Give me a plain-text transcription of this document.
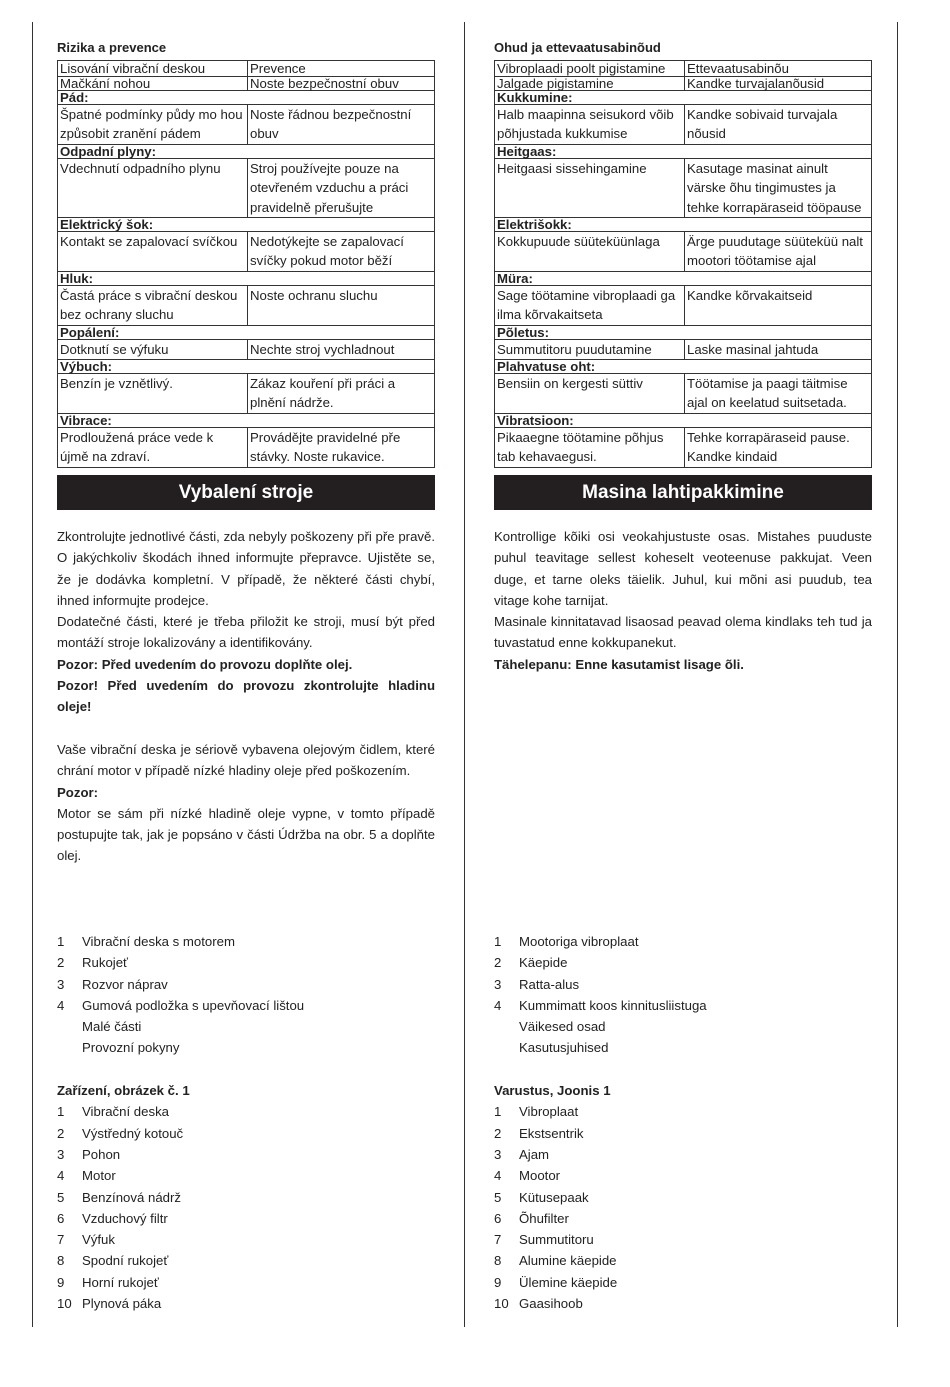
Rizika a prevence
Lisování vibrační deskou	Prevence
Mačkání nohou	Noste bezpečnostní obuv
Pád:	
Špatné podmínky půdy mo hou způsobit zranění pádem	Noste řádnou bezpečnostní obuv
Odpadní plyny:	
Vdechnutí odpadního plynu	Stroj používejte pouze na otevřeném vzduchu a práci pravidelně přerušujte
Elektrický šok:	
Kontakt se zapalovací svíčkou	Nedotýkejte se zapalovací svíčky pokud motor běží
Hluk:	
Častá práce s vibrační deskou bez ochrany sluchu	Noste ochranu sluchu
Popálení:	
Dotknutí se výfuku	Nechte stroj vychladnout
Výbuch:	
Benzín je vznětlivý.	Zákaz kouření při práci a plnění nádrže.
Vibrace:	
Prodloužená práce vede k újmě na zdraví.	Provádějte pravidelné pře stávky. Noste rukavice.
Vybalení stroje

Zkontrolujte jednotlivé části, zda nebyly poškozeny při pře pravě. O jakýchkoliv škodách ihned informujte přepravce. Ujistěte se, že je dodávka kompletní. V případě, že některé části chybí, ihned informujte prodejce.

Dodatečné části, které je třeba přiložit ke stroji, musí být před montáží stroje lokalizovány a identifikovány.

Pozor: Před uvedením do provozu doplňte olej.

Pozor! Před uvedením do provozu zkontrolujte hladinu oleje!

Vaše vibrační deska je sériově vybavena olejovým čidlem, které chrání motor v případě nízké hladiny oleje před poškozením.

Pozor:

Motor se sám při nízké hladině oleje vypne, v tomto případě postupujte tak, jak je popsáno v části Údržba na obr. 5 a doplňte olej.

1	Vibrační deska s motorem
2	Rukojeť
3	Rozvor náprav
4	Gumová podložka s upevňovací lištou
Malé části
Provozní pokyny
Zařízení, obrázek č. 1
1	Vibrační deska
2	Výstředný kotouč
3	Pohon
4	Motor
5	Benzínová nádrž
6	Vzduchový filtr
7	Výfuk
8	Spodní rukojeť
9	Horní rukojeť
10 Plynová páka
Ohud ja ettevaatusabinõud
Vibroplaadi poolt pigistamine	Ettevaatusabinõu
Jalgade pigistamine	Kandke turvajalanõusid
Kukkumine:	
Halb maapinna seisukord võib põhjustada kukkumise	Kandke sobivaid turvajala nõusid
Heitgaas:	
Heitgaasi sissehingamine	Kasutage masinat ainult värske õhu tingimustes ja tehke korrapäraseid tööpause
Elektrišokk:	
Kokkupuude süüteküünlaga	Ärge puudutage süüteküü nalt mootori töötamise ajal
Müra:	
Sage töötamine vibroplaadi ga ilma kõrvakaitseta	Kandke kõrvakaitseid
Põletus:	
Summutitoru puudutamine	Laske masinal jahtuda
Plahvatuse oht:	
Bensiin on kergesti süttiv	Töötamise ja paagi täitmise ajal on keelatud suitsetada.
Vibratsioon:	
Pikaaegne töötamine põhjus tab kehavaegusi.	Tehke korrapäraseid pause. Kandke kindaid
Masina lahtipakkimine

Kontrollige kõiki osi veokahjustuste osas. Mistahes puuduste puhul teavitage sellest koheselt veoteenuse pakkujat. Veen duge, et tarne oleks täielik. Juhul, kui mõni asi puudub, tea vitage kohe tarnijat.

Masinale kinnitatavad lisaosad peavad olema kindlaks teh tud ja tuvastatud enne kokkupanekut.

Tähelepanu: Enne kasutamist lisage õli.

1	Mootoriga vibroplaat
2	Käepide
3	Ratta-alus
4	Kummimatt koos kinnitusliistuga
Väikesed osad
Kasutusjuhised
Varustus, Joonis 1
1	Vibroplaat
2	Ekstsentrik
3	Ajam
4	Mootor
5	Kütusepaak
6	Õhufilter
7	Summutitoru
8	Alumine käepide
9	Ülemine käepide
10 Gaasihoob
